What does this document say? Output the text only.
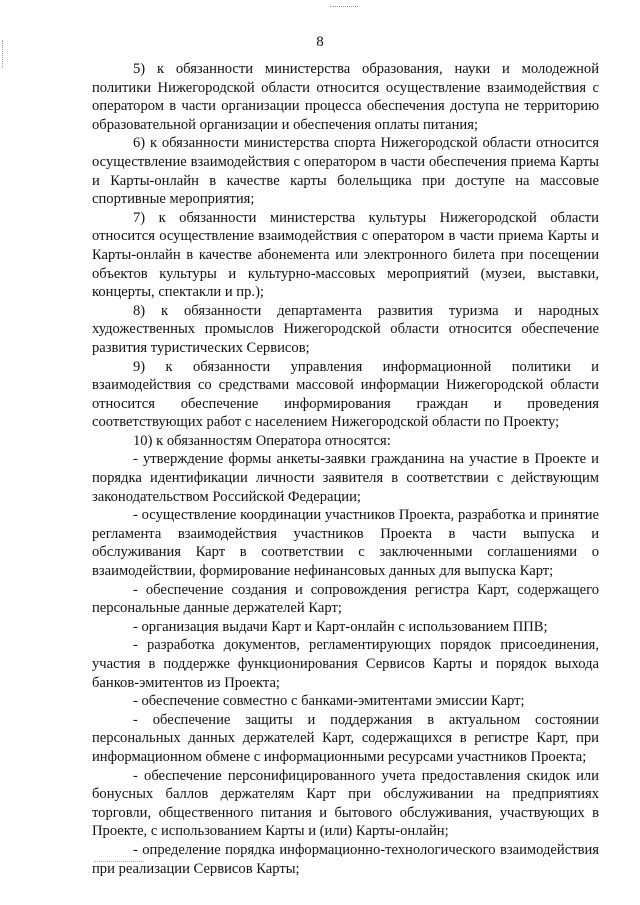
8

5) к обязанности министерства образования, науки и молодежной политики Нижегородской области относится осуществление взаимодействия с оператором в части организации процесса обеспечения доступа не территорию образовательной организации и обеспечения оплаты питания;

6) к обязанности министерства спорта Нижегородской области относится осуществление взаимодействия с оператором в части обеспечения приема Карты и Карты-онлайн в качестве карты болельщика при доступе на массовые спортивные мероприятия;

7) к обязанности министерства культуры Нижегородской области относится осуществление взаимодействия с оператором в части приема Карты и Карты-онлайн в качестве абонемента или электронного билета при посещении объектов культуры и культурно-массовых мероприятий (музеи, выставки, концерты, спектакли и пр.);

8) к обязанности департамента развития туризма и народных художественных промыслов Нижегородской области относится обеспечение развития туристических Сервисов;

9) к обязанности управления информационной политики и взаимодействия со средствами массовой информации Нижегородской области относится обеспечение информирования граждан и проведения соответствующих работ с населением Нижегородской области по Проекту;

10) к обязанностям Оператора относятся:

- утверждение формы анкеты-заявки гражданина на участие в Проекте и порядка идентификации личности заявителя в соответствии с действующим законодательством Российской Федерации;

- осуществление координации участников Проекта, разработка и принятие регламента взаимодействия участников Проекта в части выпуска и обслуживания Карт в соответствии с заключенными соглашениями о взаимодействии, формирование нефинансовых данных для выпуска Карт;

- обеспечение создания и сопровождения регистра Карт, содержащего персональные данные держателей Карт;

- организация выдачи Карт и Карт-онлайн с использованием ППВ;

- разработка документов, регламентирующих порядок присоединения, участия в поддержке функционирования Сервисов Карты и порядок выхода банков-эмитентов из Проекта;

- обеспечение совместно с банками-эмитентами эмиссии Карт;

- обеспечение защиты и поддержания в актуальном состоянии персональных данных держателей Карт, содержащихся в регистре Карт, при информационном обмене с информационными ресурсами участников Проекта;

- обеспечение персонифицированного учета предоставления скидок или бонусных баллов держателям Карт при обслуживании на предприятиях торговли, общественного питания и бытового обслуживания, участвующих в Проекте, с использованием Карты и (или) Карты-онлайн;

- определение порядка информационно-технологического взаимодействия при реализации Сервисов Карты;
